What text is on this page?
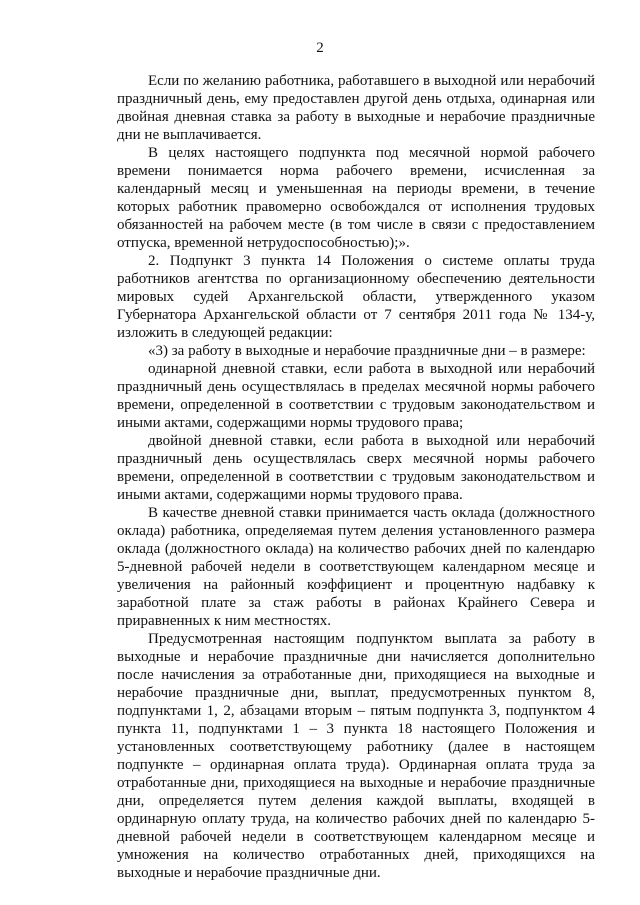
2

Если по желанию работника, работавшего в выходной или нерабочий праздничный день, ему предоставлен другой день отдыха, одинарная или двойная дневная ставка за работу в выходные и нерабочие праздничные дни не выплачивается.

В целях настоящего подпункта под месячной нормой рабочего времени понимается норма рабочего времени, исчисленная за календарный месяц и уменьшенная на периоды времени, в течение которых работник правомерно освобождался от исполнения трудовых обязанностей на рабочем месте (в том числе в связи с предоставлением отпуска, временной нетрудоспособностью);».

2. Подпункт 3 пункта 14 Положения о системе оплаты труда работников агентства по организационному обеспечению деятельности мировых судей Архангельской области, утвержденного указом Губернатора Архангельской области от 7 сентября 2011 года № 134-у, изложить в следующей редакции:

«3) за работу в выходные и нерабочие праздничные дни – в размере:

одинарной дневной ставки, если работа в выходной или нерабочий праздничный день осуществлялась в пределах месячной нормы рабочего времени, определенной в соответствии с трудовым законодательством и иными актами, содержащими нормы трудового права;

двойной дневной ставки, если работа в выходной или нерабочий праздничный день осуществлялась сверх месячной нормы рабочего времени, определенной в соответствии с трудовым законодательством и иными актами, содержащими нормы трудового права.

В качестве дневной ставки принимается часть оклада (должностного оклада) работника, определяемая путем деления установленного размера оклада (должностного оклада) на количество рабочих дней по календарю 5-дневной рабочей недели в соответствующем календарном месяце и увеличения на районный коэффициент и процентную надбавку к заработной плате за стаж работы в районах Крайнего Севера и приравненных к ним местностях.

Предусмотренная настоящим подпунктом выплата за работу в выходные и нерабочие праздничные дни начисляется дополнительно после начисления за отработанные дни, приходящиеся на выходные и нерабочие праздничные дни, выплат, предусмотренных пунктом 8, подпунктами 1, 2, абзацами вторым – пятым подпункта 3, подпунктом 4 пункта 11, подпунктами 1 – 3 пункта 18 настоящего Положения и установленных соответствующему работнику (далее в настоящем подпункте – ординарная оплата труда). Ординарная оплата труда за отработанные дни, приходящиеся на выходные и нерабочие праздничные дни, определяется путем деления каждой выплаты, входящей в ординарную оплату труда, на количество рабочих дней по календарю 5-дневной рабочей недели в соответствующем календарном месяце и умножения на количество отработанных дней, приходящихся на выходные и нерабочие праздничные дни.
